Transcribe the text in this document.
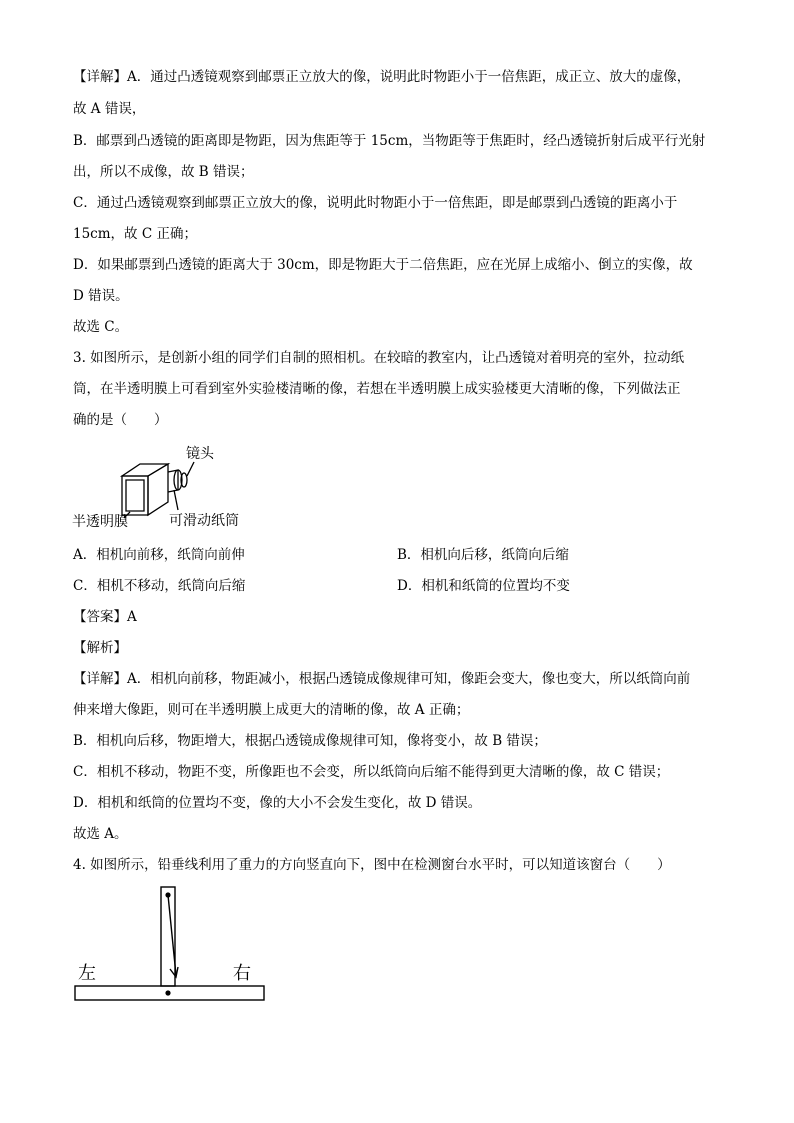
【详解】A．通过凸透镜观察到邮票正立放大的像，说明此时物距小于一倍焦距，成正立、放大的虚像，
故 A 错误，
B．邮票到凸透镜的距离即是物距，因为焦距等于 15cm，当物距等于焦距时，经凸透镜折射后成平行光射
出，所以不成像，故 B 错误；
C．通过凸透镜观察到邮票正立放大的像，说明此时物距小于一倍焦距，即是邮票到凸透镜的距离小于
15cm，故 C 正确；
D．如果邮票到凸透镜的距离大于 30cm，即是物距大于二倍焦距，应在光屏上成缩小、倒立的实像，故
D 错误。
故选 C。
3. 如图所示，是创新小组的同学们自制的照相机。在较暗的教室内，让凸透镜对着明亮的室外，拉动纸
筒，在半透明膜上可看到室外实验楼清晰的像，若想在半透明膜上成实验楼更大清晰的像，下列做法正
确的是（　　）
镜头
半透明膜	可滑动纸筒
A．相机向前移，纸筒向前伸	B．相机向后移，纸筒向后缩
C．相机不移动，纸筒向后缩	D．相机和纸筒的位置均不变
【答案】A
【解析】
【详解】A．相机向前移，物距减小，根据凸透镜成像规律可知，像距会变大，像也变大，所以纸筒向前
伸来增大像距，则可在半透明膜上成更大的清晰的像，故 A 正确；
B．相机向后移，物距增大，根据凸透镜成像规律可知，像将变小，故 B 错误；
C．相机不移动，物距不变，所像距也不会变，所以纸筒向后缩不能得到更大清晰的像，故 C 错误；
D．相机和纸筒的位置均不变，像的大小不会发生变化，故 D 错误。
故选 A。
4. 如图所示，铅垂线利用了重力的方向竖直向下，图中在检测窗台水平时，可以知道该窗台（　　）
左	右
